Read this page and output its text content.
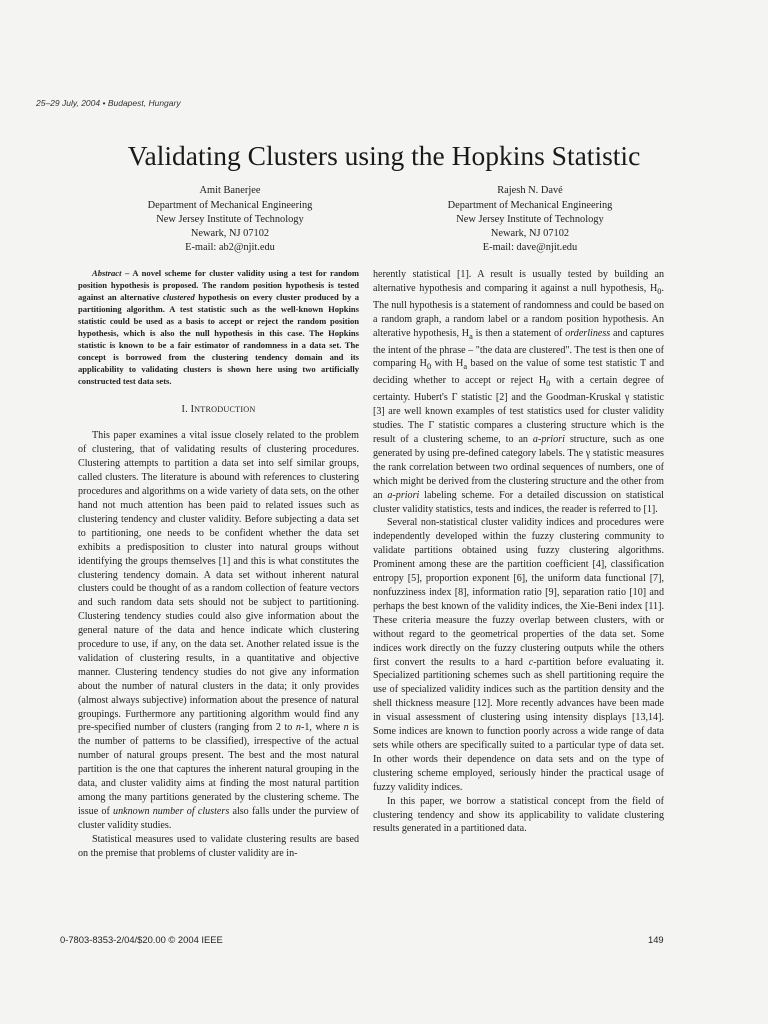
25–29 July, 2004 • Budapest, Hungary
Validating Clusters using the Hopkins Statistic
Amit Banerjee
Department of Mechanical Engineering
New Jersey Institute of Technology
Newark, NJ 07102
E-mail: ab2@njit.edu
Rajesh N. Davé
Department of Mechanical Engineering
New Jersey Institute of Technology
Newark, NJ 07102
E-mail: dave@njit.edu
Abstract – A novel scheme for cluster validity using a test for random position hypothesis is proposed. The random position hypothesis is tested against an alternative clustered hypothesis on every cluster produced by a partitioning algorithm. A test statistic such as the well-known Hopkins statistic could be used as a basis to accept or reject the random position hypothesis, which is also the null hypothesis in this case. The Hopkins statistic is known to be a fair estimator of randomness in a data set. The concept is borrowed from the clustering tendency domain and its applicability to validating clusters is shown here using two artificially constructed test data sets.
I. INTRODUCTION

This paper examines a vital issue closely related to the problem of clustering, that of validating results of clustering procedures. Clustering attempts to partition a data set into self similar groups, called clusters. The literature is abound with references to clustering procedures and algorithms on a wide variety of data sets, on the other hand not much attention has been paid to related issues such as clustering tendency and cluster validity. Before subjecting a data set to partitioning, one needs to be confident whether the data set exhibits a predisposition to cluster into natural groups without identifying the groups themselves [1] and this is what constitutes the clustering tendency domain. A data set without inherent natural clusters could be thought of as a random collection of feature vectors and such random data sets should not be subject to partitioning. Clustering tendency studies could also give information about the general nature of the data and hence indicate which clustering procedure to use, if any, on the data set. Another related issue is the validation of clustering results, in a quantitative and objective manner. Clustering tendency studies do not give any information about the number of natural clusters in the data; it only provides (almost always subjective) information about the presence of natural groupings. Furthermore any partitioning algorithm would find any pre-specified number of clusters (ranging from 2 to n-1, where n is the number of patterns to be classified), irrespective of the actual number of natural groups present. The best and the most natural partition is the one that captures the inherent natural grouping in the data, and cluster validity aims at finding the most natural partition among the many partitions generated by the clustering scheme. The issue of unknown number of clusters also falls under the purview of cluster validity studies.

Statistical measures used to validate clustering results are based on the premise that problems of cluster validity are in-

herently statistical [1]. A result is usually tested by building an alternative hypothesis and comparing it against a null hypothesis, $H_0$. The null hypothesis is a statement of randomness and could be based on a random graph, a random label or a random position hypothesis. An alterative hypothesis, $H_a$ is then a statement of orderliness and captures the intent of the phrase – "the data are clustered". The test is then one of comparing $H_0$ with $H_a$ based on the value of some test statistic T and deciding whether to accept or reject $H_0$ with a certain degree of certainty. Hubert's Γ statistic [2] and the Goodman-Kruskal γ statistic [3] are well known examples of test statistics used for cluster validity studies. The Γ statistic compares a clustering structure which is the result of a clustering scheme, to an a-priori structure, such as one generated by using pre-defined category labels. The γ statistic measures the rank correlation between two ordinal sequences of numbers, one of which might be derived from the clustering structure and the other from an a-priori labeling scheme. For a detailed discussion on statistical cluster validity statistics, tests and indices, the reader is referred to [1].

Several non-statistical cluster validity indices and procedures were independently developed within the fuzzy clustering community to validate partitions obtained using fuzzy clustering algorithms. Prominent among these are the partition coefficient [4], classification entropy [5], proportion exponent [6], the uniform data functional [7], nonfuzziness index [8], information ratio [9], separation ratio [10] and perhaps the best known of the validity indices, the Xie-Beni index [11]. These criteria measure the fuzzy overlap between clusters, with or without regard to the geometrical properties of the data set. Some indices work directly on the fuzzy clustering outputs while the others first convert the results to a hard c-partition before evaluating it. Specialized partitioning schemes such as shell partitioning require the use of specialized validity indices such as the partition density and the shell thickness measure [12]. More recently advances have been made in visual assessment of clustering using intensity displays [13,14]. Some indices are known to function poorly across a wide range of data sets while others are specifically suited to a particular type of data set. In other words their dependence on data sets and on the type of clustering scheme employed, seriously hinder the practical usage of fuzzy validity indices.

In this paper, we borrow a statistical concept from the field of clustering tendency and show its applicability to validate clustering results generated in a partitioned data.

0-7803-8353-2/04/$20.00 © 2004 IEEE	149
